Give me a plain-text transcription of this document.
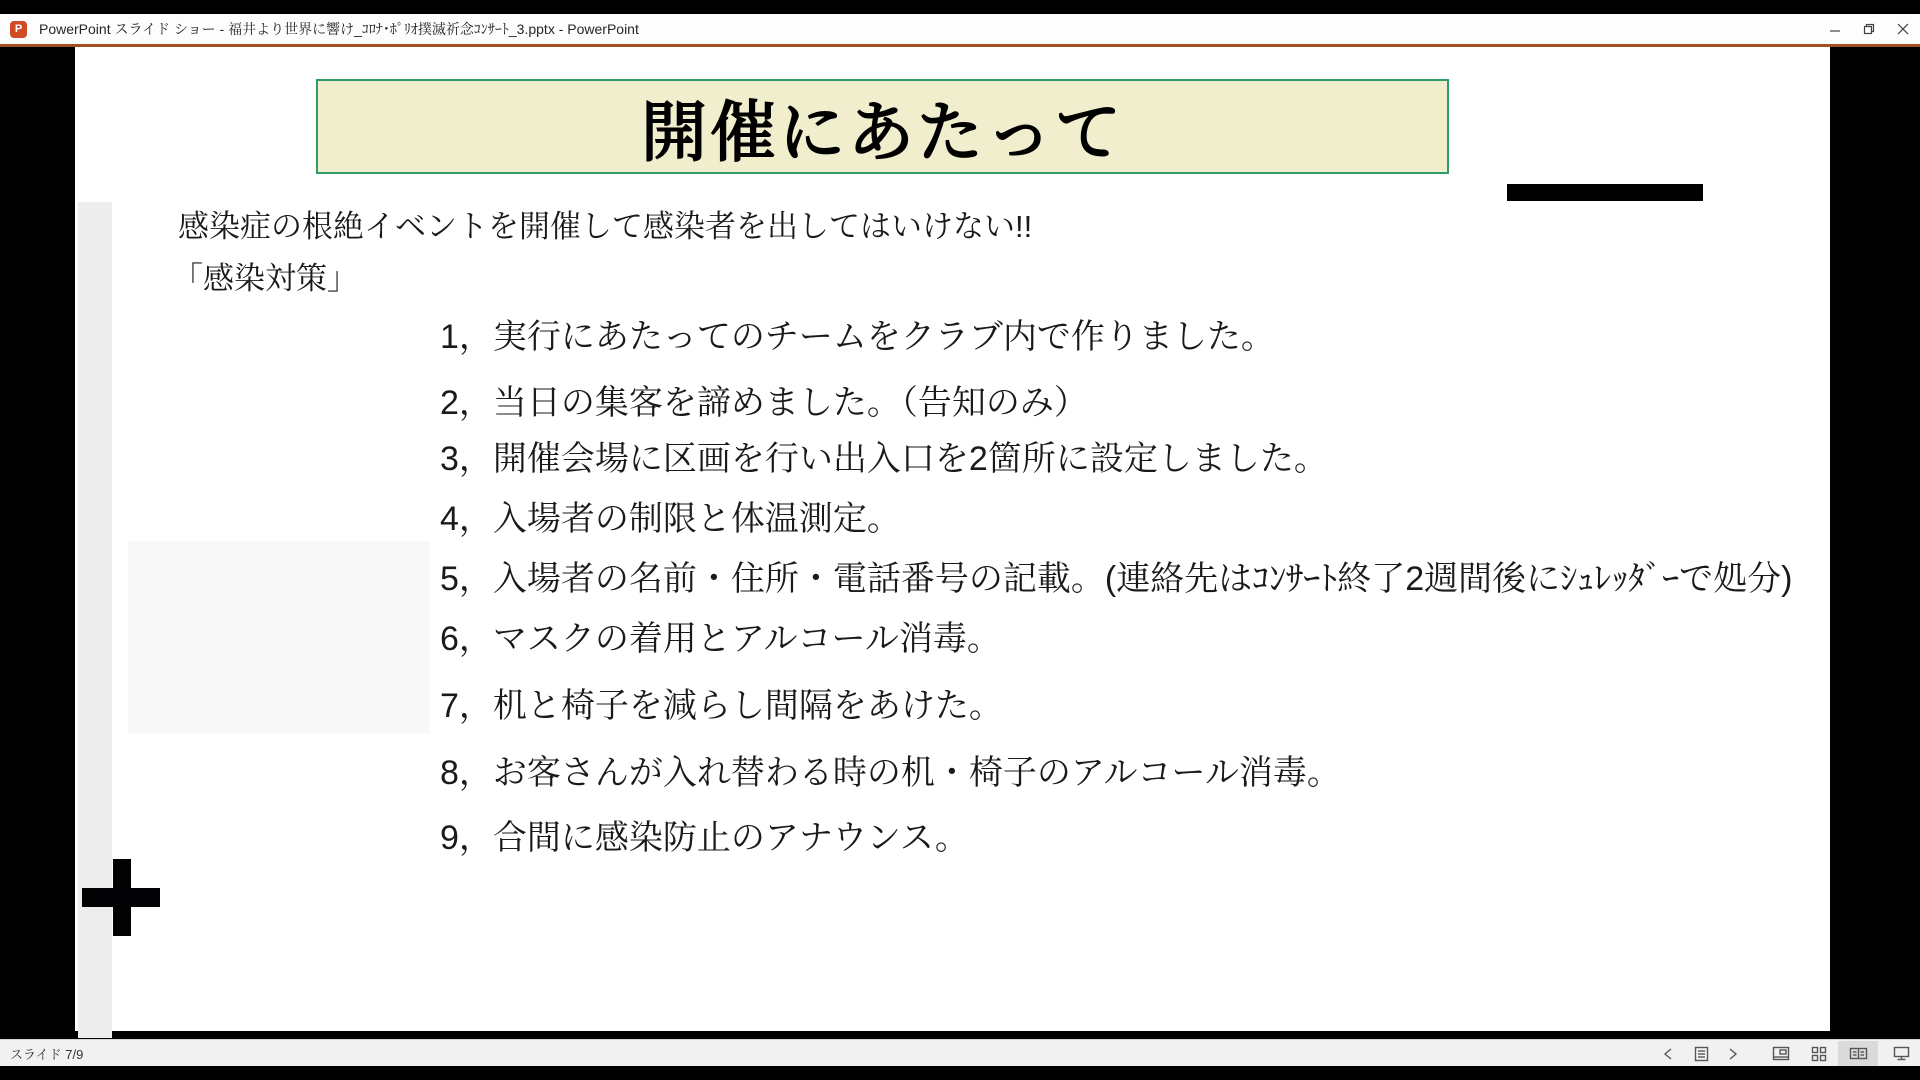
P	PowerPoint スライド ショー - 福井より世界に響け_ｺﾛﾅ･ﾎﾟﾘｵ撲滅祈念ｺﾝｻｰﾄ_3.pptx - PowerPoint
開催にあたって
感染症の根絶イベントを開催して感染者を出してはいけない!!
「感染対策」
1，実行にあたってのチームをクラブ内で作りました。
2，当日の集客を諦めました。（告知のみ）
3，開催会場に区画を行い出入口を2箇所に設定しました。
4，入場者の制限と体温測定。
5，入場者の名前・住所・電話番号の記載。(連絡先はｺﾝｻｰﾄ終了2週間後にｼｭﾚｯﾀﾞｰで処分)
6，マスクの着用とアルコール消毒。
7，机と椅子を減らし間隔をあけた。
8，お客さんが入れ替わる時の机・椅子のアルコール消毒。
9，合間に感染防止のアナウンス。
スライド 7/9
